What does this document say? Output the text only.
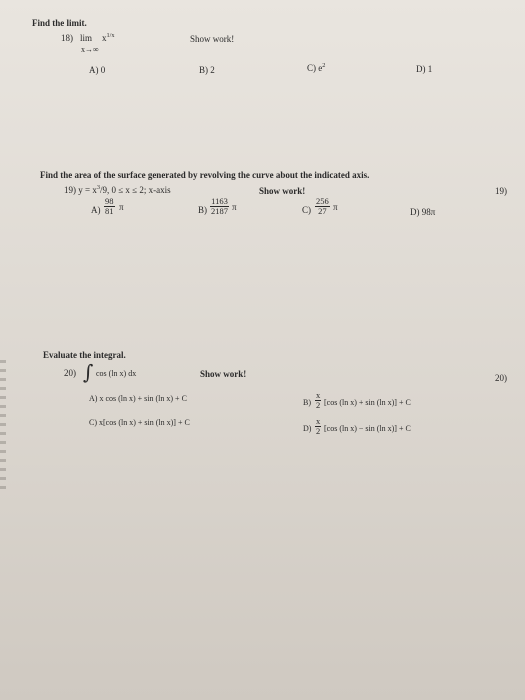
Find the limit.
18) $\lim x^{1/x}$
x→∞
Show work!
A) 0	B) 2	C) $e^2$	D) 1
Find the area of the surface generated by revolving the curve about the indicated axis.
19) $y = x^3/9$, 0 ≤ x ≤ 2; x-axis	Show work!	19)
$A) \frac{98}{81}$ π	$B) \frac{1163}{2187}$ π	$C) \frac{256}{27}$ π	D) 98π
Evaluate the integral.
20) ∫ cos (ln x) dx	Show work!	20)
A) x cos (ln x) + sin (ln x) + C	$B) \frac{x}{2} [\cos$ (ln x) + sin (ln x)] + C
C) x[cos (ln x) + sin (ln x)] + C
$D) \frac{x}{2} [\cos$ (ln x) − sin (ln x)] + C
